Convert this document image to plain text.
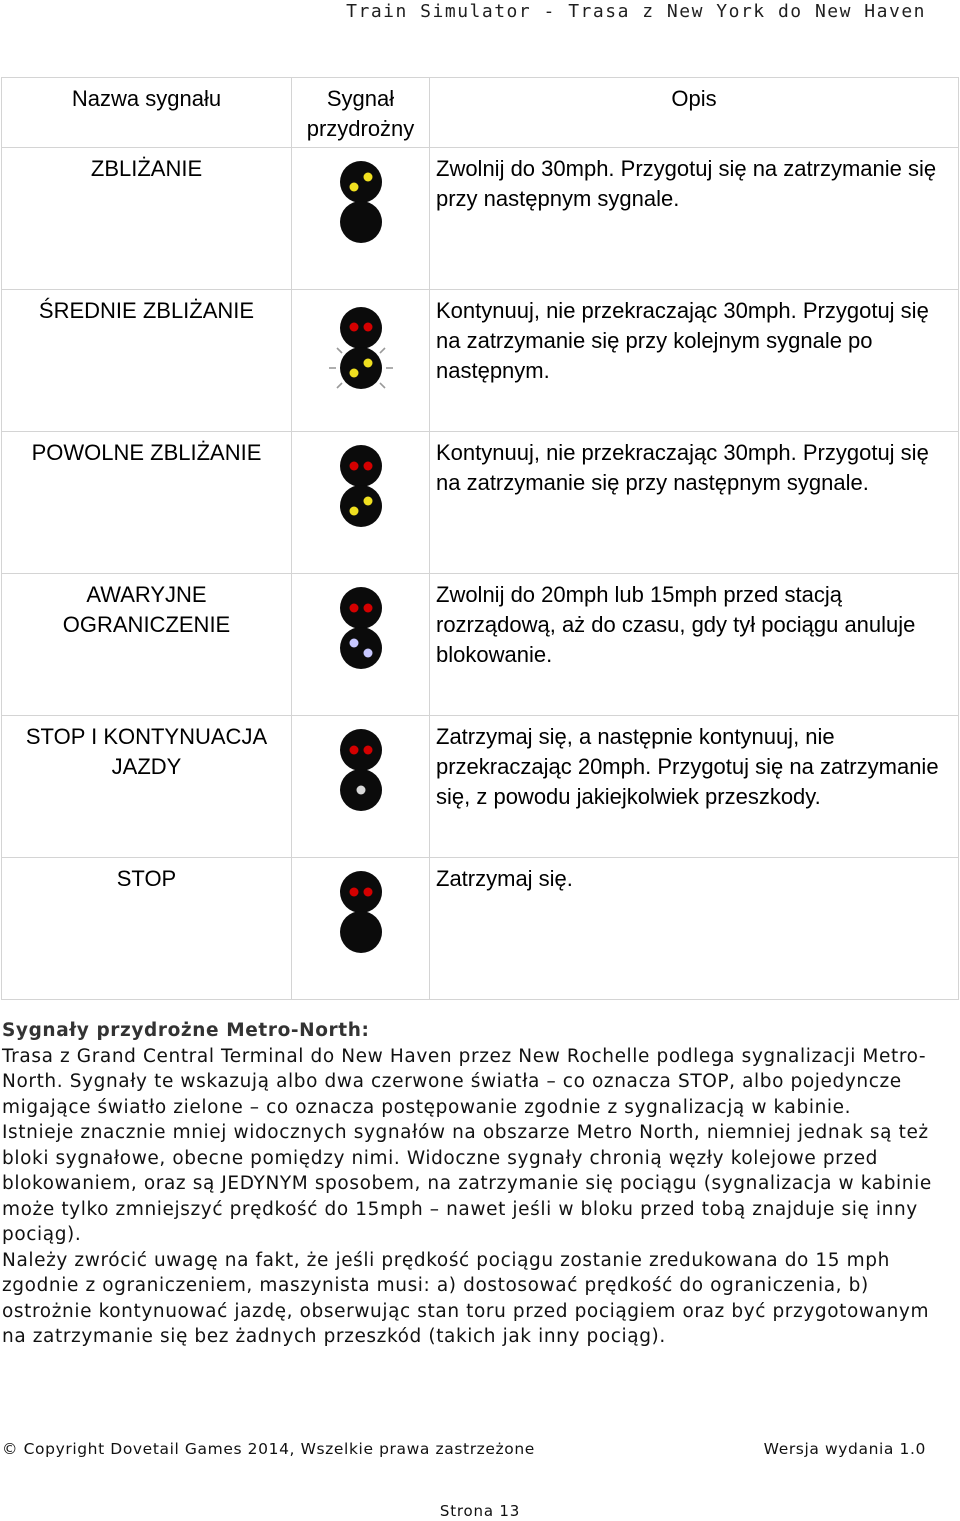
Train Simulator - Trasa z New York do New Haven
Nazwa sygnału	Sygnał przydrożny	Opis
ZBLIŻANIE		Zwolnij do 30mph. Przygotuj się na zatrzymanie się przy następnym sygnale.
ŚREDNIE ZBLIŻANIE		Kontynuuj, nie przekraczając 30mph. Przygotuj się na zatrzymanie się przy kolejnym sygnale po następnym.
POWOLNE ZBLIŻANIE		Kontynuuj, nie przekraczając 30mph. Przygotuj się na zatrzymanie się przy następnym sygnale.
AWARYJNE OGRANICZENIE		Zwolnij do 20mph lub 15mph przed stacją rozrządową, aż do czasu, gdy tył pociągu anuluje blokowanie.
STOP I KONTYNUACJA JAZDY		Zatrzymaj się, a następnie kontynuuj, nie przekraczając 20mph. Przygotuj się na zatrzymanie się, z powodu jakiejkolwiek przeszkody.
STOP		Zatrzymaj się.

Sygnały przydrożne Metro-North:

Trasa z Grand Central Terminal do New Haven przez New Rochelle podlega sygnalizacji Metro-North. Sygnały te wskazują albo dwa czerwone światła – co oznacza STOP, albo pojedyncze migające światło zielone – co oznacza postępowanie zgodnie z sygnalizacją w kabinie.

Istnieje znacznie mniej widocznych sygnałów na obszarze Metro North, niemniej jednak są też bloki sygnałowe, obecne pomiędzy nimi. Widoczne sygnały chronią węzły kolejowe przed blokowaniem, oraz są JEDYNYM sposobem, na zatrzymanie się pociągu (sygnalizacja w kabinie może tylko zmniejszyć prędkość do 15mph – nawet jeśli w bloku przed tobą znajduje się inny pociąg).

Należy zwrócić uwagę na fakt, że jeśli prędkość pociągu zostanie zredukowana do 15 mph zgodnie z ograniczeniem, maszynista musi: a) dostosować prędkość do ograniczenia, b) ostrożnie kontynuować jazdę, obserwując stan toru przed pociągiem oraz być przygotowanym na zatrzymanie się bez żadnych przeszkód (takich jak inny pociąg).

© Copyright Dovetail Games 2014, Wszelkie prawa zastrzeżone	Wersja wydania 1.0
Strona 13
